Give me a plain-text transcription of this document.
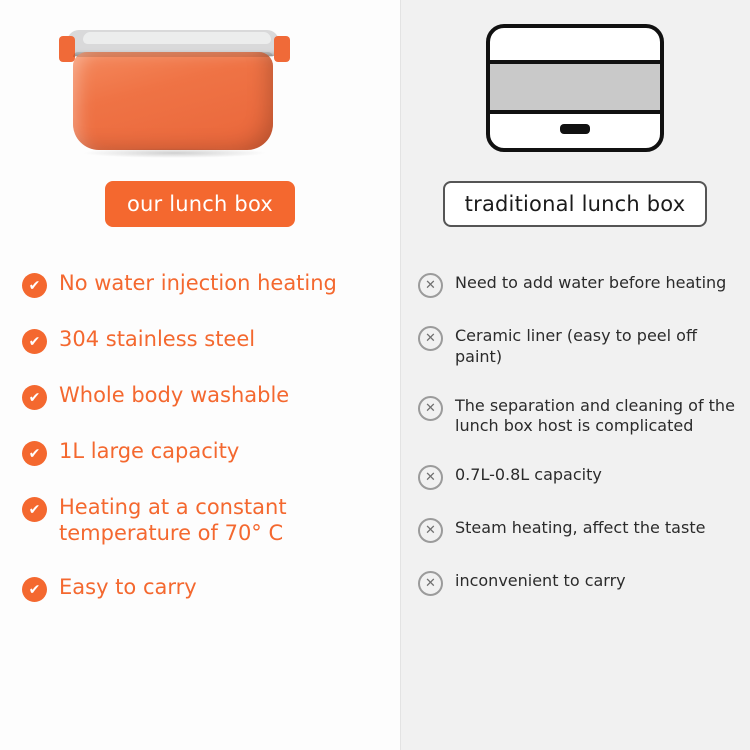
our lunch box
✔ No water injection heating
✔ 304 stainless steel
✔ Whole body washable
✔ 1L large capacity
✔ Heating at a constant temperature of 70° C
✔ Easy to carry
traditional lunch box
✕	Need to add water before heating
✕	Ceramic liner (easy to peel off paint)
✕	The separation and cleaning of the lunch box host is complicated
✕	0.7L-0.8L capacity
✕	Steam heating, affect the taste
✕	inconvenient to carry
